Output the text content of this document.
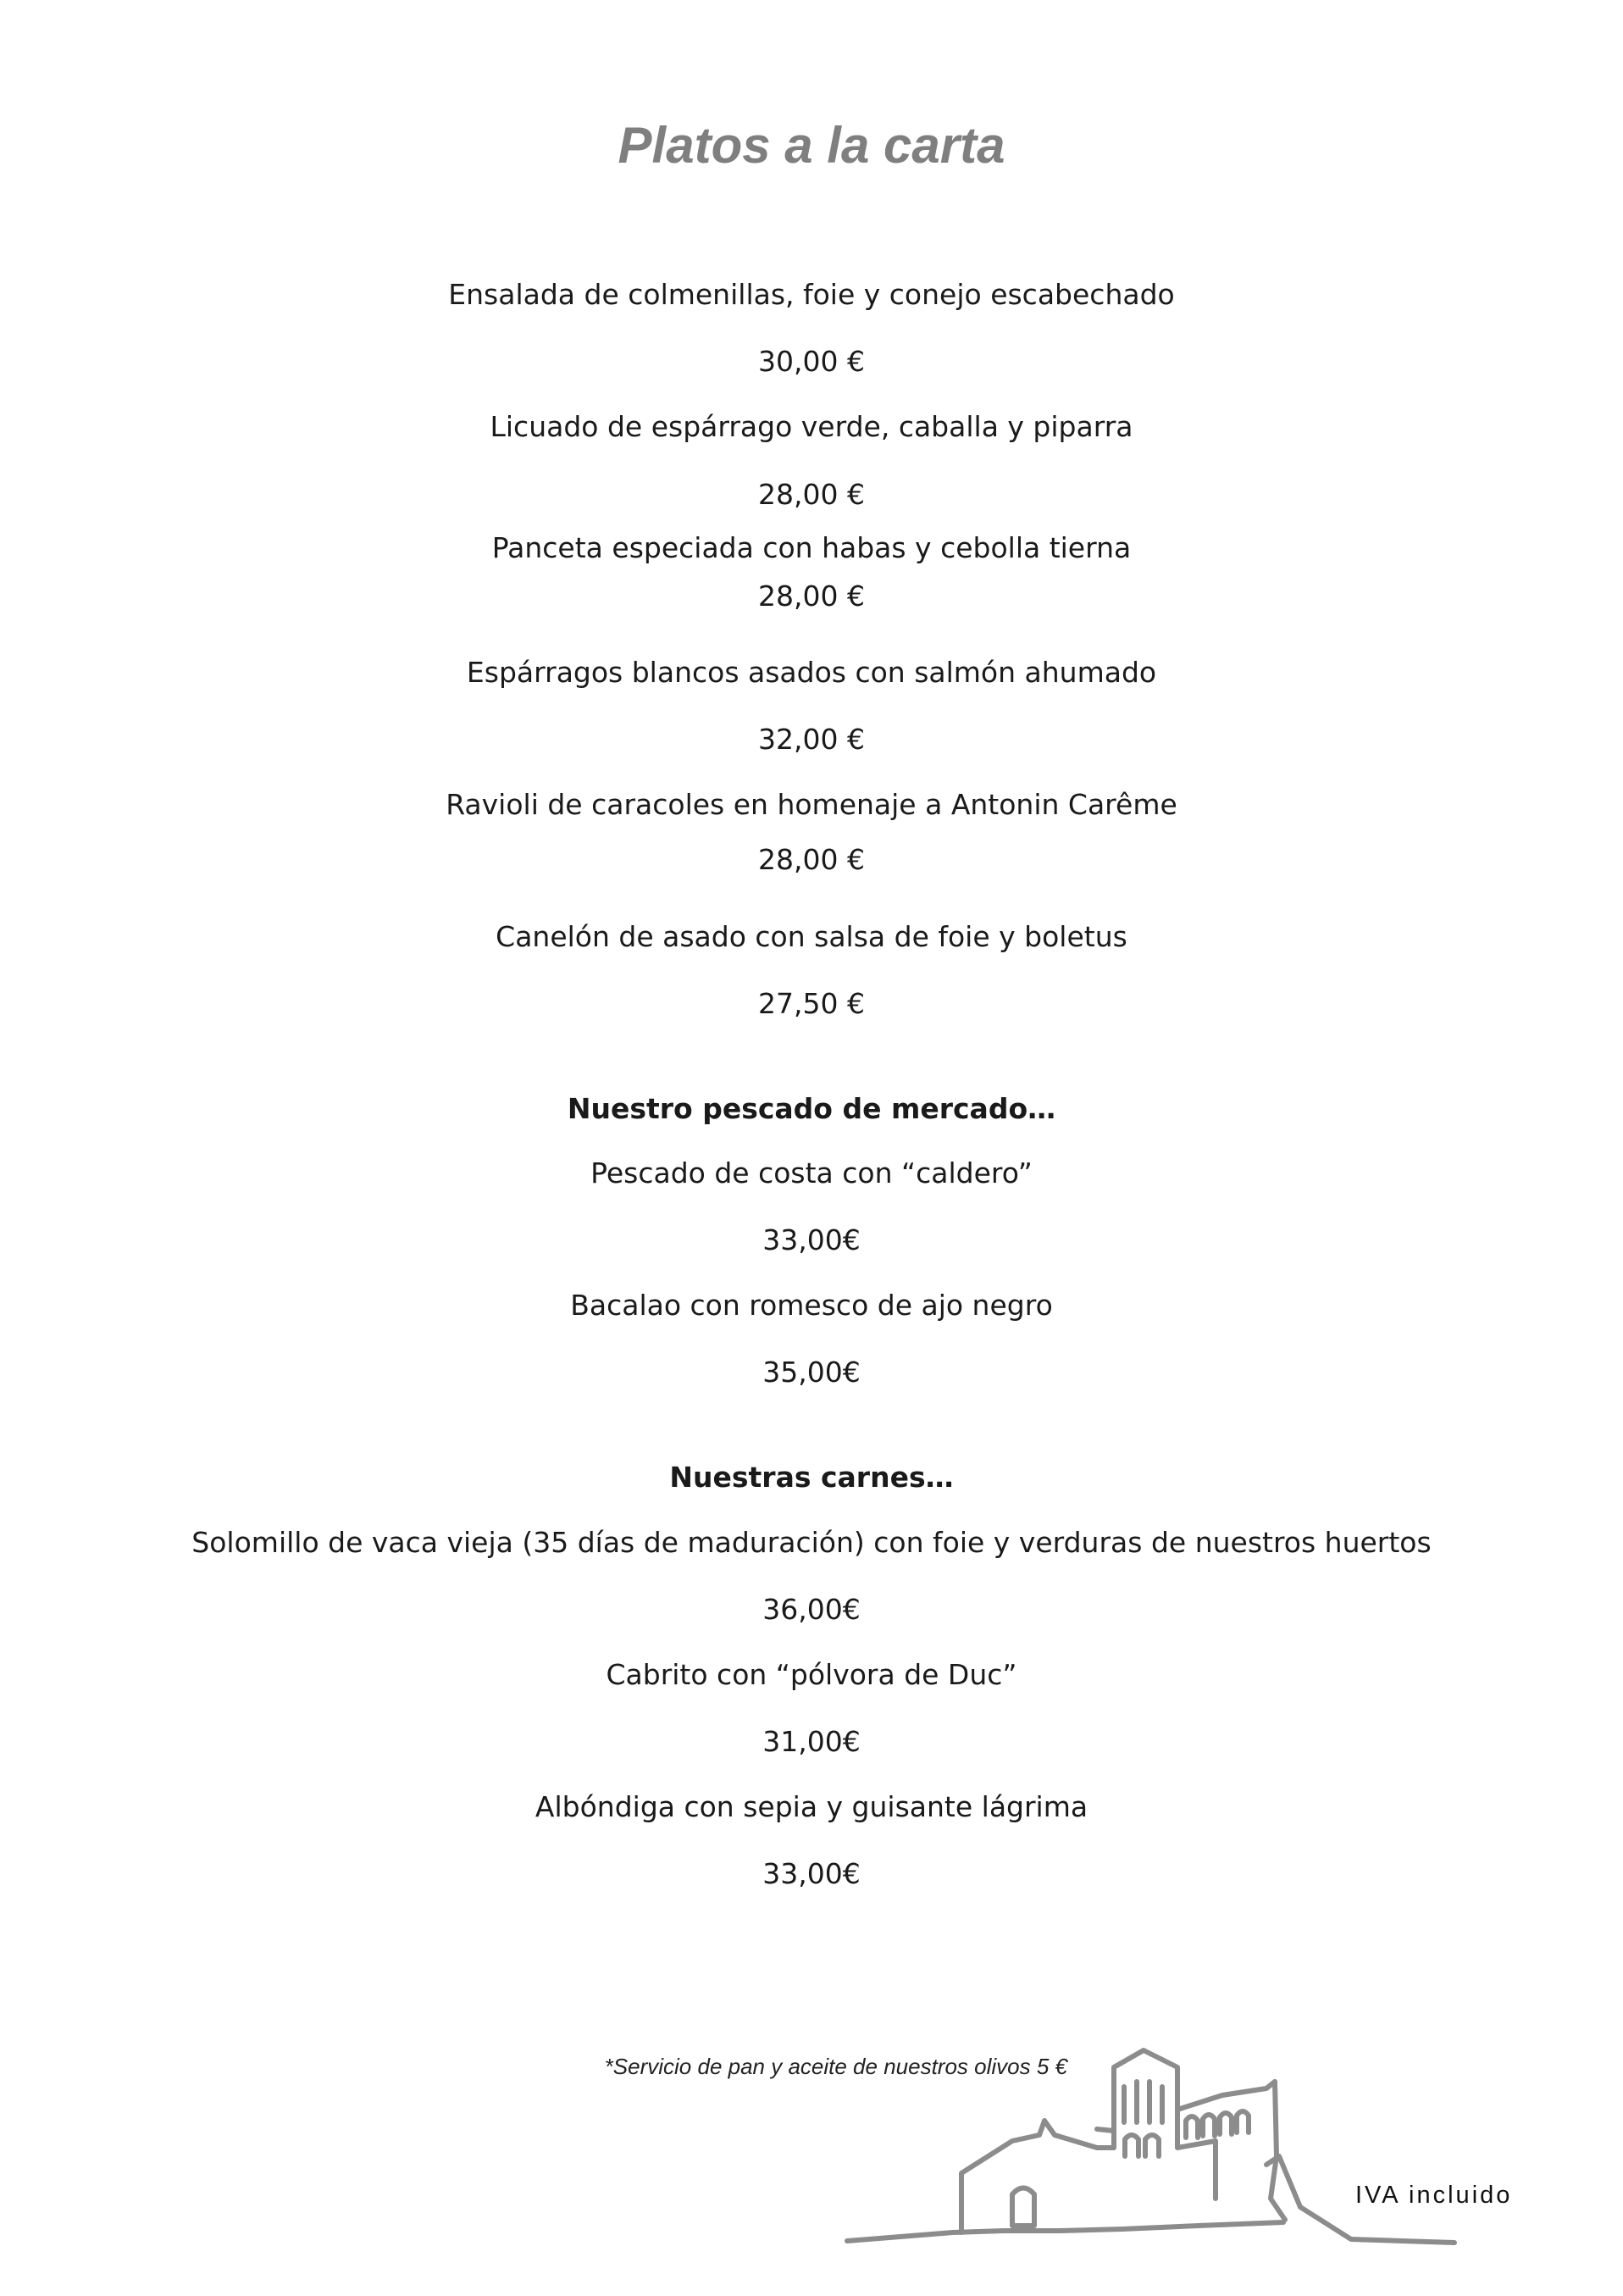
Platos a la carta
Ensalada de colmenillas, foie y conejo escabechado
30,00 €
Licuado de espárrago verde, caballa y piparra
28,00 €
Panceta especiada con habas y cebolla tierna
28,00 €
Espárragos blancos asados con salmón ahumado
32,00 €
Ravioli de caracoles en homenaje a Antonin Carême
28,00 €
Canelón de asado con salsa de foie y boletus
27,50 €
Nuestro pescado de mercado…
Pescado de costa con “caldero”
33,00€
Bacalao con romesco de ajo negro
35,00€
Nuestras carnes…
Solomillo de vaca vieja (35 días de maduración) con foie y verduras de nuestros huertos
36,00€
Cabrito con “pólvora de Duc”
31,00€
Albóndiga con sepia y guisante lágrima
33,00€
*Servicio de pan y aceite de nuestros olivos 5 €
IVA incluido
